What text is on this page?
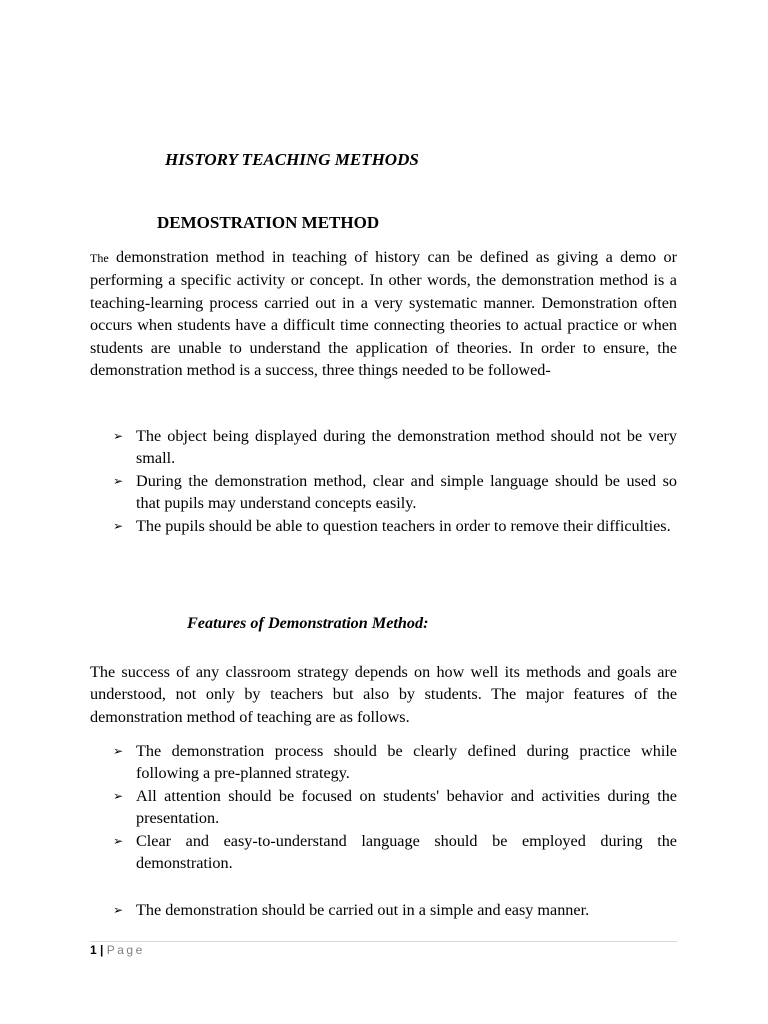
HISTORY TEACHING METHODS
DEMOSTRATION METHOD

The demonstration method in teaching of history can be defined as giving a demo or performing a specific activity or concept. In other words, the demonstration method is a teaching-learning process carried out in a very systematic manner. Demonstration often occurs when students have a difficult time connecting theories to actual practice or when students are unable to understand the application of theories. In order to ensure, the demonstration method is a success, three things needed to be followed-

➢ The object being displayed during the demonstration method should not be very small.
➢ During the demonstration method, clear and simple language should be used so that pupils may understand concepts easily.
➢ The pupils should be able to question teachers in order to remove their difficulties.
Features of Demonstration Method:

The success of any classroom strategy depends on how well its methods and goals are understood, not only by teachers but also by students. The major features of the demonstration method of teaching are as follows.

➢ The demonstration process should be clearly defined during practice while following a pre-planned strategy.
➢ All attention should be focused on students' behavior and activities during the presentation.
➢ Clear and easy-to-understand language should be employed during the demonstration.
➢ The demonstration should be carried out in a simple and easy manner.
1 | Page
